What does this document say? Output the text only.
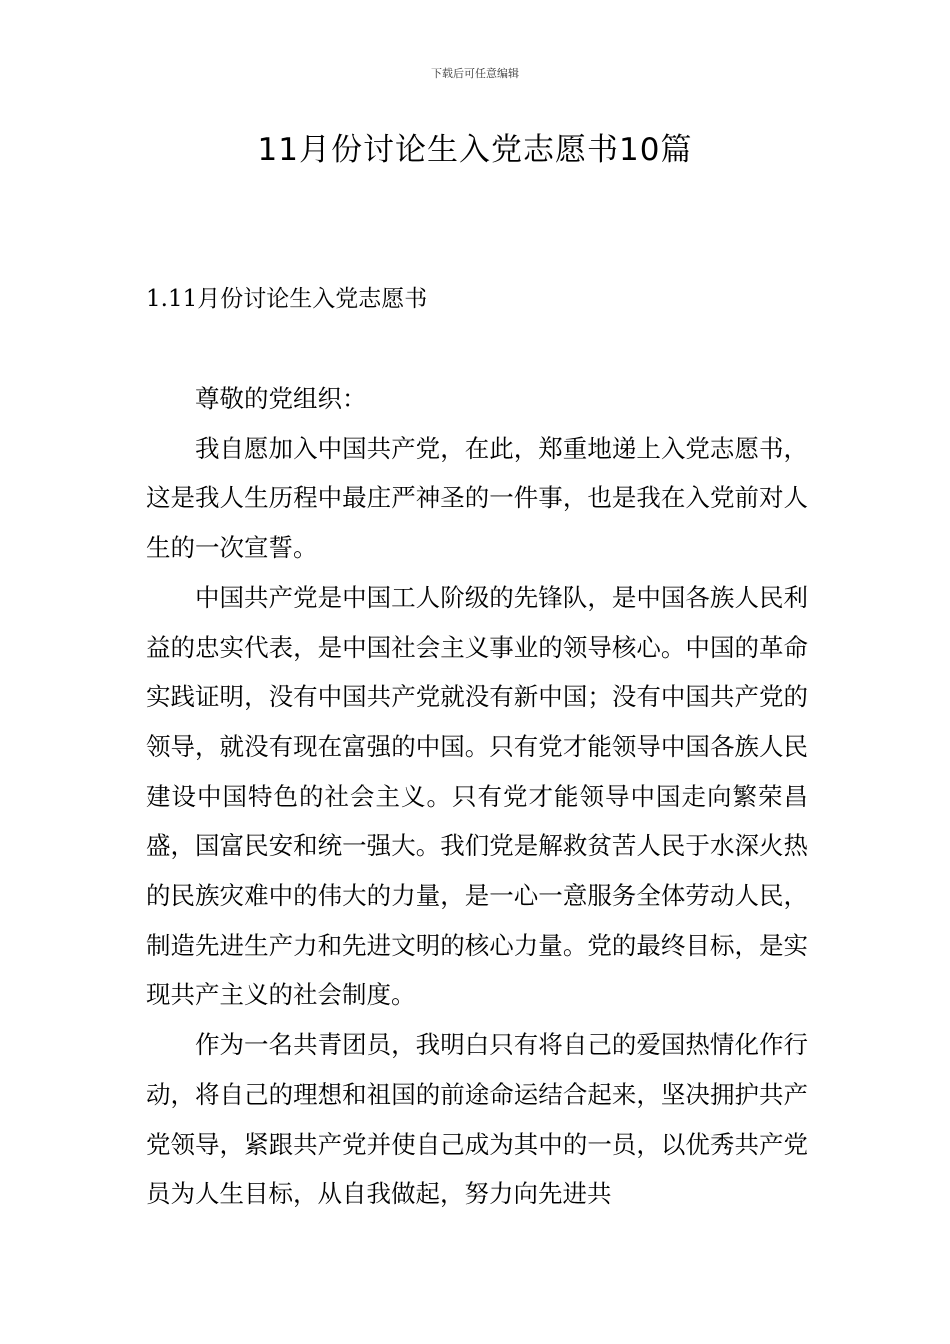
下载后可任意编辑
11月份讨论生入党志愿书10篇
1.11月份讨论生入党志愿书

尊敬的党组织：

我自愿加入中国共产党，在此，郑重地递上入党志愿书，这是我人生历程中最庄严神圣的一件事，也是我在入党前对人生的一次宣誓。

中国共产党是中国工人阶级的先锋队，是中国各族人民利益的忠实代表，是中国社会主义事业的领导核心。中国的革命实践证明，没有中国共产党就没有新中国；没有中国共产党的领导，就没有现在富强的中国。只有党才能领导中国各族人民建设中国特色的社会主义。只有党才能领导中国走向繁荣昌盛，国富民安和统一强大。我们党是解救贫苦人民于水深火热的民族灾难中的伟大的力量，是一心一意服务全体劳动人民，制造先进生产力和先进文明的核心力量。党的最终目标，是实现共产主义的社会制度。

作为一名共青团员，我明白只有将自己的爱国热情化作行动，将自己的理想和祖国的前途命运结合起来，坚决拥护共产党领导，紧跟共产党并使自己成为其中的一员，以优秀共产党员为人生目标，从自我做起，努力向先进共
